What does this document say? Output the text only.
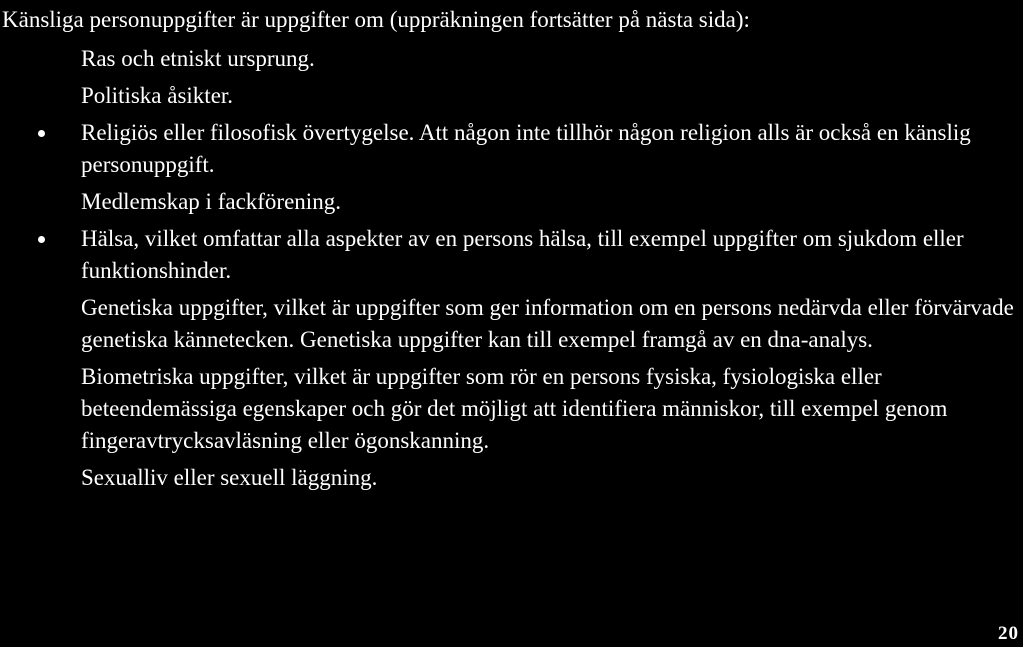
Känsliga personuppgifter är uppgifter om (uppräkningen fortsätter på nästa sida):
Ras och etniskt ursprung.
Politiska åsikter.
Religiös eller filosofisk övertygelse. Att någon inte tillhör någon religion alls är också en känslig personuppgift.
Medlemskap i fackförening.
Hälsa, vilket omfattar alla aspekter av en persons hälsa, till exempel uppgifter om sjukdom eller funktionshinder.
Genetiska uppgifter, vilket är uppgifter som ger information om en persons nedärvda eller förvärvade genetiska kännetecken. Genetiska uppgifter kan till exempel framgå av en dna-analys.
Biometriska uppgifter, vilket är uppgifter som rör en persons fysiska, fysiologiska eller beteendemässiga egenskaper och gör det möjligt att identifiera människor, till exempel genom fingeravtrycksavläsning eller ögonskanning.
Sexualliv eller sexuell läggning.
20
